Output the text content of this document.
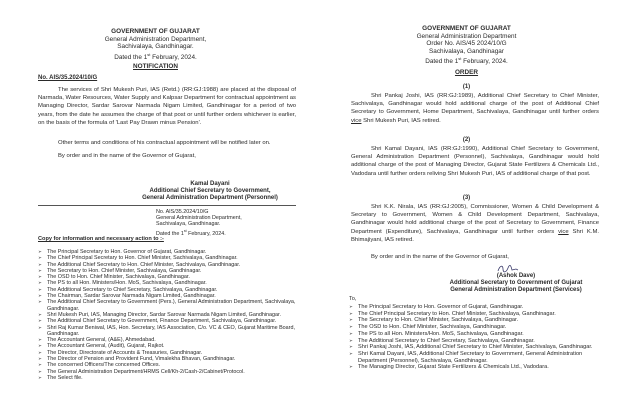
GOVERNMENT OF GUJARAT
General Administration Department,
Sachivalaya, Gandhinagar.
Dated the 1st February, 2024.
NOTIFICATION
No. AIS/35.2024/10/G
The services of Shri Mukesh Puri, IAS (Retd.) (RR:GJ:1988) are placed at the disposal of Narmada, Water Resources, Water Supply and Kalpsar Department for contractual appointment as Managing Director, Sardar Sarovar Narmada Nigam Limited, Gandhinagar for a period of two years, from the date he assumes the charge of that post or until further orders whichever is earlier, on the basis of the formula of 'Last Pay Drawn minus Pension'.
Other terms and conditions of his contractual appointment will be notified later on.
By order and in the name of the Governor of Gujarat,
Kamal Dayani
Additional Chief Secretary to Government,
General Administration Department (Personnel)
No. AIS/35.2024/10/G
General Administration Department,
Sachivalaya, Gandhinagar.
Dated the 1st February, 2024.
Copy for information and necessary action to :-
➢ The Principal Secretary to Hon. Governor of Gujarat, Gandhinagar.
➢ The Chief Principal Secretary to Hon. Chief Minister, Sachivalaya, Gandhinagar.
➢ The Additional Chief Secretary to Hon. Chief Minister, Sachivalaya, Gandhinagar.
➢ The Secretary to Hon. Chief Minister, Sachivalaya, Gandhinagar.
➢ The OSD to Hon. Chief Minister, Sachivalaya, Gandhinagar.
➢ The PS to all Hon. Ministers/Hon. MoS, Sachivalaya, Gandhinagar.
➢ The Additional Secretary to Chief Secretary, Sachivalaya, Gandhinagar.
➢ The Chairman, Sardar Sarovar Narmada Nigam Limited, Gandhinagar.
➢ The Additional Chief Secretary to Government (Pers.), General Administration Department, Sachivalaya, Gandhinagar.
➢ Shri Mukesh Puri, IAS, Managing Director, Sardar Sarovar Narmada Nigam Limited, Gandhinagar.
➢ The Additional Chief Secretary to Government, Finance Department, Sachivalaya, Gandhinagar.
➢ Shri Raj Kumar Beniwal, IAS, Hon. Secretary, IAS Association, C/o. VC & CEO, Gujarat Maritime Board, Gandhinagar.
➢ The Accountant General, (A&E), Ahmedabad.
➢ The Accountant General, (Audit), Gujarat, Rajkot.
➢ The Director, Directorate of Accounts & Treasuries, Gandhinagar.
➢ The Director of Pension and Provident Fund, Vimalekha Bhavan, Gandhinagar.
➢ The concerned Officers/The concerned Offices.
➢ The General Administration Department/HRMS Cell/Kh-2/Cash-2/Cabinet/Protocol.
➢ The Select file.
GOVERNMENT OF GUJARAT
General Administration Department
Order No. AIS/45 2024/10/G
Sachivalaya, Gandhinagar
Dated the 1st February, 2024.
ORDER
(1)
Shri Pankaj Joshi, IAS (RR:GJ:1989), Additional Chief Secretary to Chief Minister, Sachivalaya, Gandhinagar would hold additional charge of the post of Additional Chief Secretary to Government, Home Department, Sachivalaya, Gandhinagar until further orders vice Shri Mukesh Puri, IAS retired.
(2)
Shri Kamal Dayani, IAS (RR:GJ:1990), Additional Chief Secretary to Government, General Administration Department (Personnel), Sachivalaya, Gandhinagar would hold additional charge of the post of Managing Director, Gujarat State Fertilizers & Chemicals Ltd., Vadodara until further orders reliving Shri Mukesh Puri, IAS of additional charge of that post.
(3)
Shri K.K. Nirala, IAS (RR:GJ:2005), Commissioner, Women & Child Development & Secretary to Government, Women & Child Development Department, Sachivalaya, Gandhinagar would hold additional charge of the post of Secretary to Government, Finance Department (Expenditure), Sachivalaya, Gandhinagar until further orders vice Shri K.M. Bhimajiyani, IAS retired.
By order and in the name of the Governor of Gujarat,
(Ashok Dave)
Additional Secretary to Government of Gujarat
General Administration Department (Services)
To,
➢ The Principal Secretary to Hon. Governor of Gujarat, Gandhinagar.
➢ The Chief Principal Secretary to Hon. Chief Minister, Sachivalaya, Gandhinagar.
➢ The Secretary to Hon. Chief Minister, Sachivalaya, Gandhinagar.
➢ The OSD to Hon. Chief Minister, Sachivalaya, Gandhinagar.
➢ The PS to all Hon. Ministers/Hon. MoS, Sachivalaya, Gandhinagar.
➢ The Additional Secretary to Chief Secretary, Sachivalaya, Gandhinagar.
➢ Shri Pankaj Joshi, IAS, Additional Chief Secretary to Chief Minister, Sachivalaya, Gandhinagar.
➢ Shri Kamal Dayani, IAS, Additional Chief Secretary to Government, General Administration Department (Personnel), Sachivalaya, Gandhinagar.
➢ The Managing Director, Gujarat State Fertilizers & Chemicals Ltd., Vadodara.
